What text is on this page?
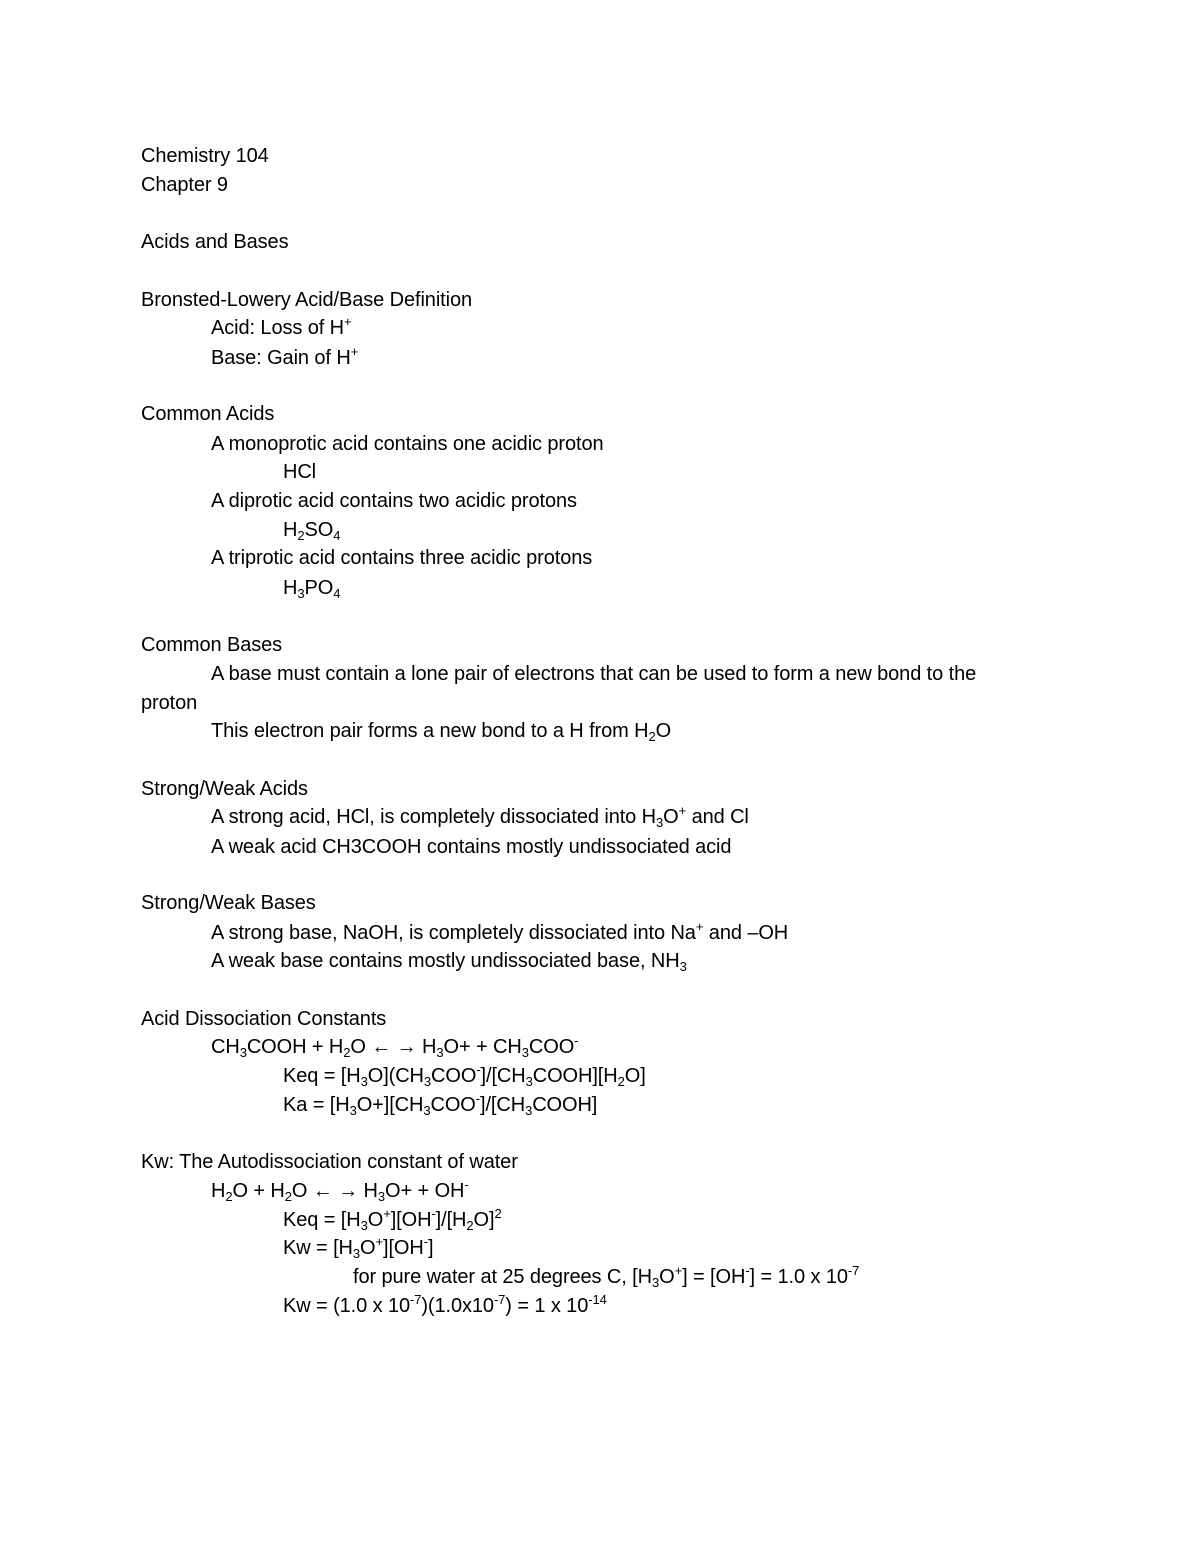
Chemistry 104
Chapter 9
Acids and Bases
Bronsted-Lowery Acid/Base Definition
Acid: Loss of H+
Base: Gain of H+
Common Acids
A monoprotic acid contains one acidic proton
HCl
A diprotic acid contains two acidic protons
$H_2SO_4$
A triprotic acid contains three acidic protons
$H_3PO_4$
Common Bases
A base must contain a lone pair of electrons that can be used to form a new bond to the
proton
This electron pair forms a new bond to a H from $H_2O$
Strong/Weak Acids
A strong acid, HCl, is completely dissociated into $H_3O^+$ and Cl
A weak acid CH3COOH contains mostly undissociated acid
Strong/Weak Bases
A strong base, NaOH, is completely dissociated into Na+ and –OH
A weak base contains mostly undissociated base, $NH_3$
Acid Dissociation Constants
$CH_3COOH + H_2O$ ← → $H_3O+ + CH_3COO^-$
Keq = $[H_3O](CH_3COO^-]/[CH_3COOH][H_2O]$
$Ka = [H_3O+][CH_3COO^-]/[CH_3COOH]$
Kw: The Autodissociation constant of water
$H_2O + H_2O$ ← → $H_3O+ + OH^-$
Keq = $[H_3O^+][OH^-]/[H_2O]^2$
$Kw = [H_3O^+][OH^-]$
for pure water at 25 degrees C, $[H_3O^+] = [OH^-] = 1.0$ x $10^{-7}$
Kw = (1.0 x $10^{-7})(1.0x10^{-7}) = 1$ x $10^{-14}$
